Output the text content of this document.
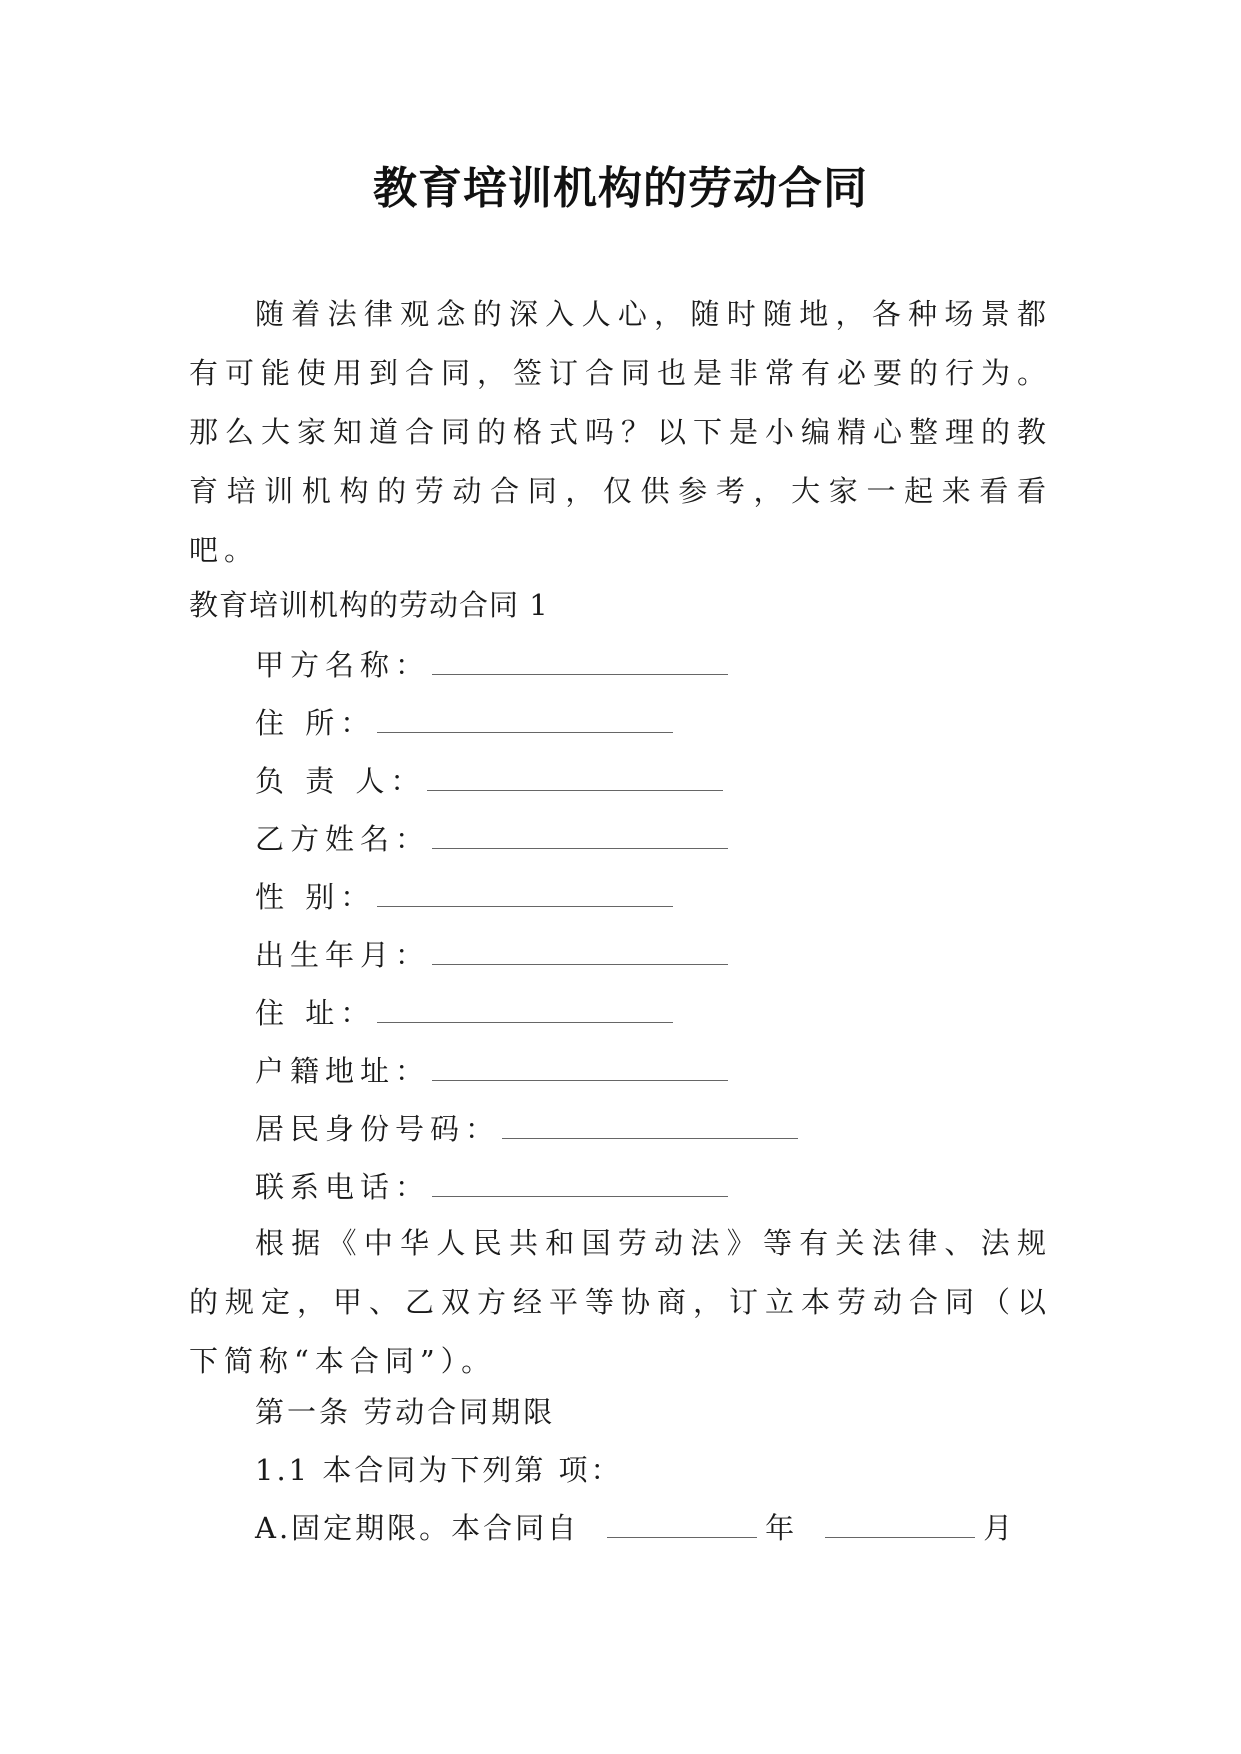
教育培训机构的劳动合同
随着法律观念的深入人心，随时随地，各种场景都有可能使用到合同，签订合同也是非常有必要的行为。那么大家知道合同的格式吗？以下是小编精心整理的教育培训机构的劳动合同，仅供参考，大家一起来看看吧。
教育培训机构的劳动合同 1
甲方名称：
住 所：
负 责 人：
乙方姓名：
性 别：
出生年月：
住 址：
户籍地址：
居民身份号码：
联系电话：
根据《中华人民共和国劳动法》等有关法律、法规的规定，甲、乙双方经平等协商，订立本劳动合同（以下简称“本合同”）。
第一条 劳动合同期限
1.1 本合同为下列第 项：
A.固定期限。本合同自	年	月
